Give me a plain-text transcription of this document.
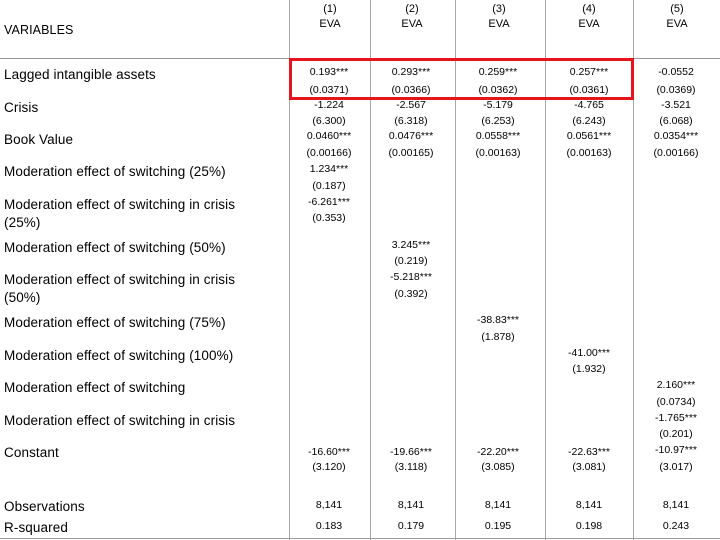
VARIABLES
(1)
EVA
(2)
EVA
(3)
EVA
(4)
EVA
(5)
EVA
Lagged intangible assets
Crisis
Book Value
Moderation effect of switching (25%)
Moderation effect of switching in crisis
(25%)
Moderation effect of switching (50%)
Moderation effect of switching in crisis
(50%)
Moderation effect of switching (75%)
Moderation effect of switching (100%)
Moderation effect of switching
Moderation effect of switching in crisis
Constant
Observations
R-squared
0.193***
(0.0371)
-1.224
(6.300)
0.0460***
(0.00166)
1.234***
(0.187)
-6.261***
(0.353)
-16.60***
(3.120)
8,141
0.183
0.293***
(0.0366)
-2.567
(6.318)
0.0476***
(0.00165)
3.245***
(0.219)
-5.218***
(0.392)
-19.66***
(3.118)
8,141
0.179
0.259***
(0.0362)
-5.179
(6.253)
0.0558***
(0.00163)
-38.83***
(1.878)
-22.20***
(3.085)
8,141
0.195
0.257***
(0.0361)
-4.765
(6.243)
0.0561***
(0.00163)
-41.00***
(1.932)
-22.63***
(3.081)
8,141
0.198
-0.0552
(0.0369)
-3.521
(6.068)
0.0354***
(0.00166)
2.160***
(0.0734)
-1.765***
(0.201)
-10.97***
(3.017)
8,141
0.243
